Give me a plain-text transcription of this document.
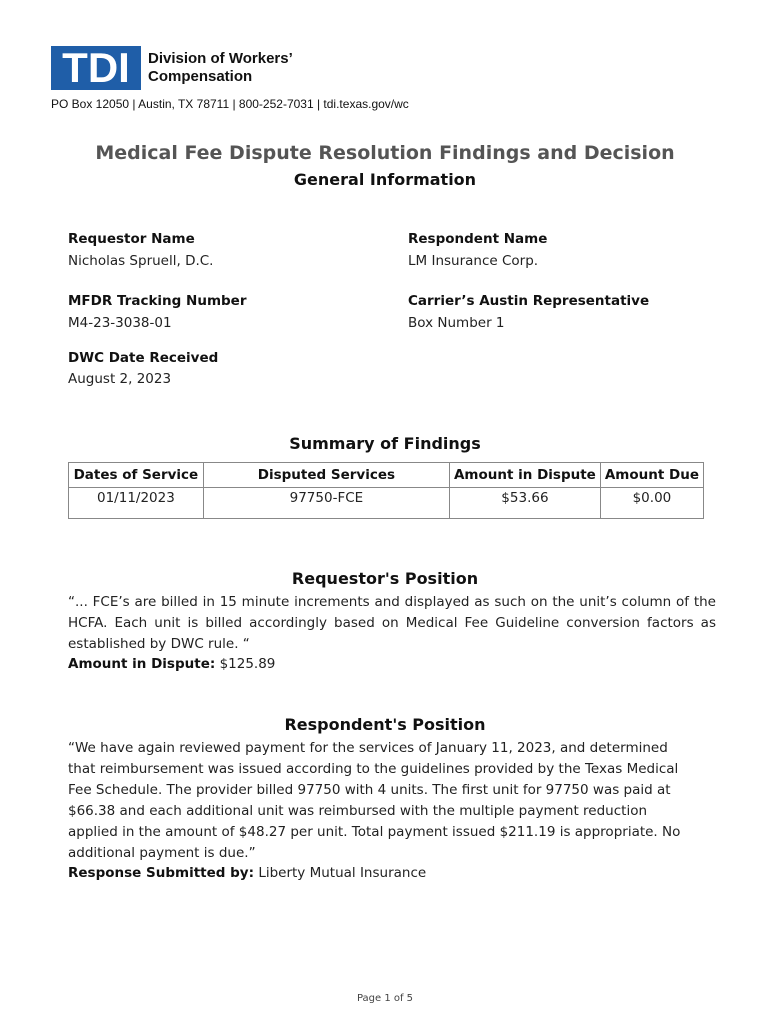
TDI	Division of Workers’
Compensation
PO Box 12050 | Austin, TX 78711 | 800-252-7031 | tdi.texas.gov/wc
Medical Fee Dispute Resolution Findings and Decision
General Information
Requestor Name
Nicholas Spruell, D.C.
Respondent Name
LM Insurance Corp.
MFDR Tracking Number
M4-23-3038-01
Carrier’s Austin Representative
Box Number 1
DWC Date Received
August 2, 2023
Summary of Findings
Dates of Service	Disputed Services	Amount in Dispute	Amount Due
01/11/2023	97750-FCE	$53.66	$0.00
Requestor's Position
“... FCE’s are billed in 15 minute increments and displayed as such on the unit’s column of the HCFA. Each unit is billed accordingly based on Medical Fee Guideline conversion factors as established by DWC rule. “
Amount in Dispute: $125.89
Respondent's Position
“We have again reviewed payment for the services of January 11, 2023, and determined that reimbursement was issued according to the guidelines provided by the Texas Medical Fee Schedule. The provider billed 97750 with 4 units. The first unit for 97750 was paid at $66.38 and each additional unit was reimbursed with the multiple payment reduction applied in the amount of $48.27 per unit. Total payment issued $211.19 is appropriate. No additional payment is due.”
Response Submitted by: Liberty Mutual Insurance
Page 1 of 5
